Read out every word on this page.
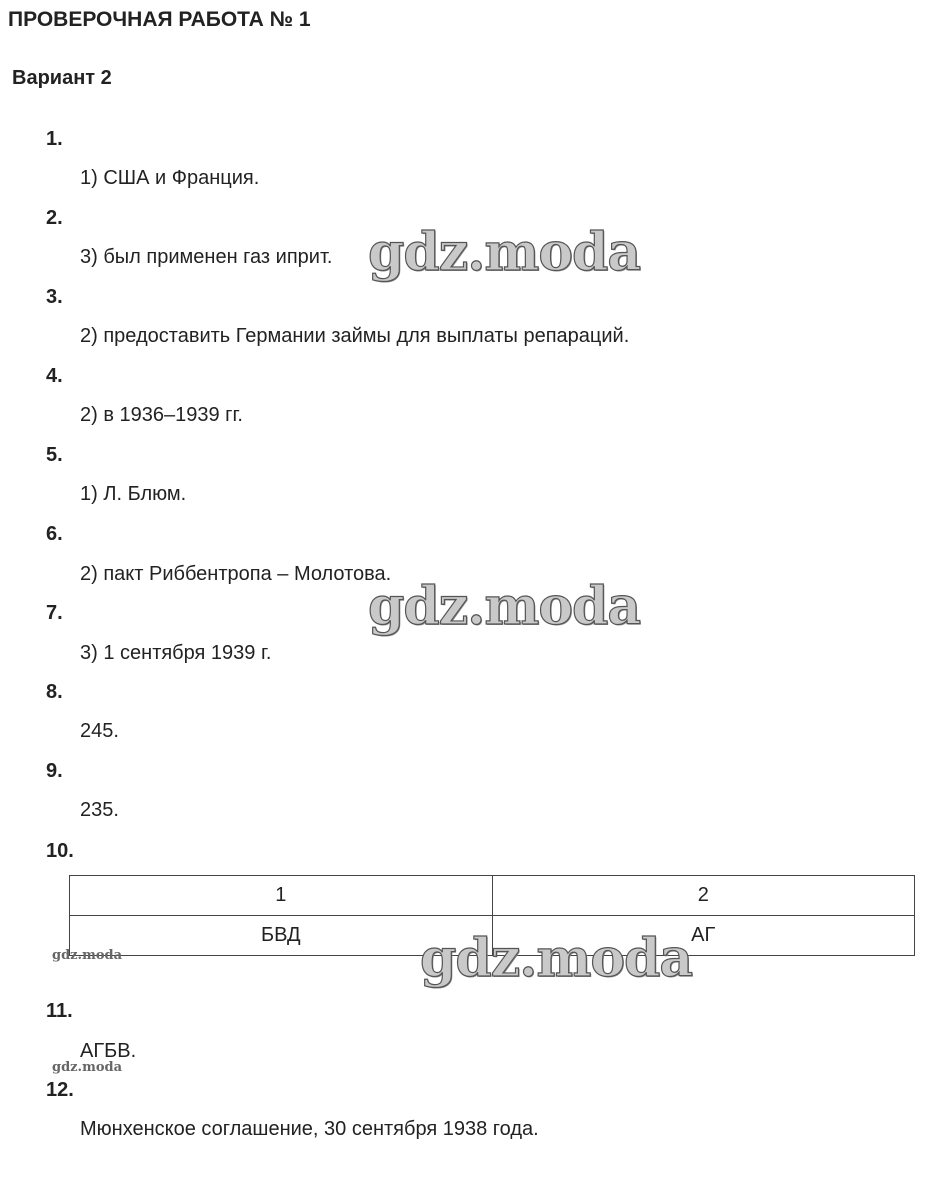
ПРОВЕРОЧНАЯ РАБОТА № 1
Вариант 2
1.
1) США и Франция.
2.
3) был применен газ иприт.
3.
2) предоставить Германии займы для выплаты репараций.
4.
2) в 1936–1939 гг.
5.
1) Л. Блюм.
6.
2) пакт Риббентропа – Молотова.
7.
3) 1 сентября 1939 г.
8.
245.
9.
235.
10.
1	2
БВД	АГ
11.
АГБВ.
12.
Мюнхенское соглашение, 30 сентября 1938 года.
gdz.moda
gdz.moda
gdz.moda
gdz.moda
gdz.moda
